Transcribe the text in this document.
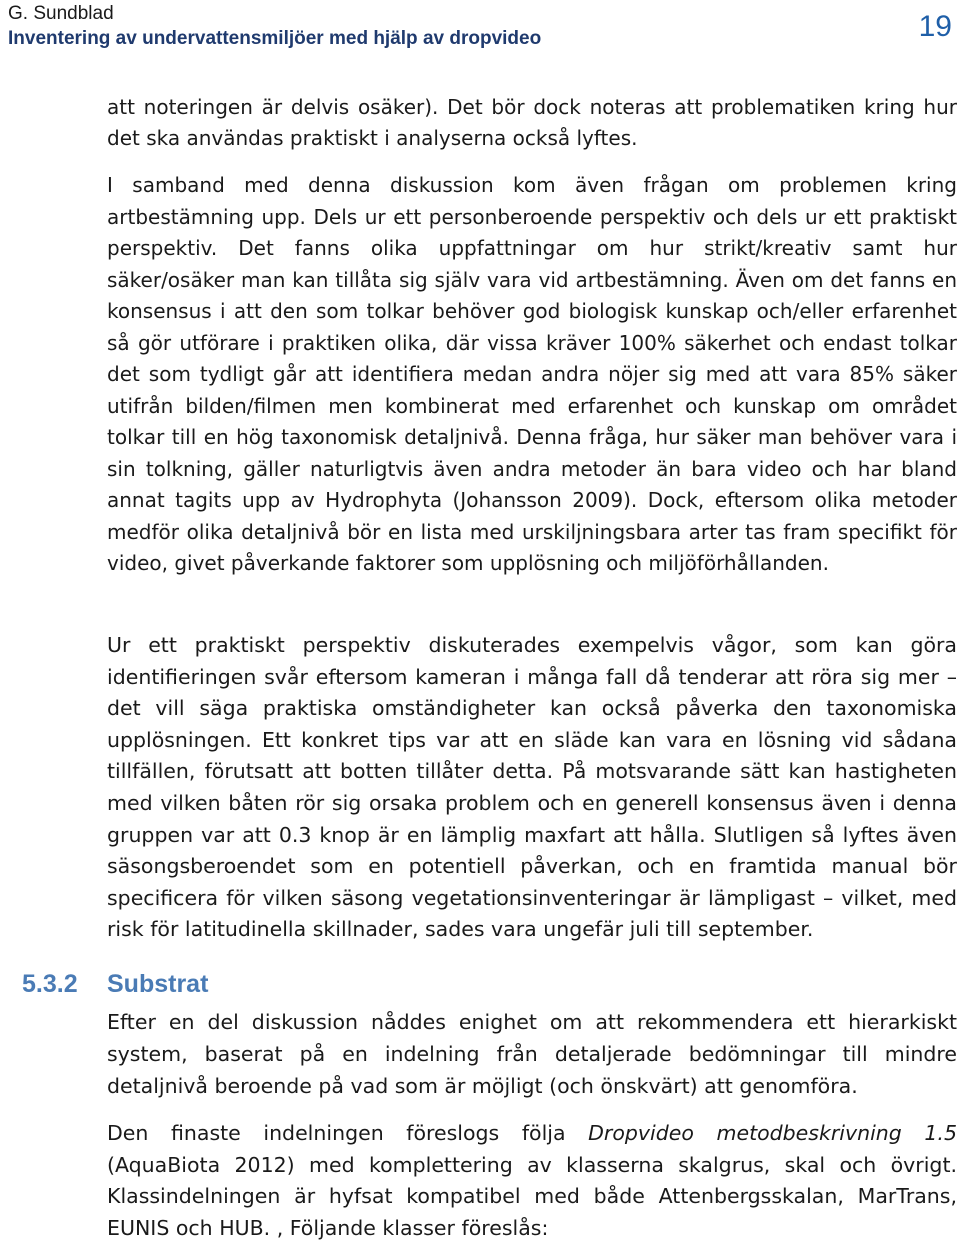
G. Sundblad
Inventering av undervattensmiljöer med hjälp av dropvideo	19

att noteringen är delvis osäker). Det bör dock noteras att problematiken kring hur det ska användas praktiskt i analyserna också lyftes.

I samband med denna diskussion kom även frågan om problemen kring artbestämning upp. Dels ur ett personberoende perspektiv och dels ur ett praktiskt perspektiv. Det fanns olika uppfattningar om hur strikt/kreativ samt hur säker/osäker man kan tillåta sig själv vara vid artbestämning. Även om det fanns en konsensus i att den som tolkar behöver god biologisk kunskap och/eller erfarenhet så gör utförare i praktiken olika, där vissa kräver 100% säkerhet och endast tolkar det som tydligt går att identifiera medan andra nöjer sig med att vara 85% säker utifrån bilden/filmen men kombinerat med erfarenhet och kunskap om området tolkar till en hög taxonomisk detaljnivå. Denna fråga, hur säker man behöver vara i sin tolkning, gäller naturligtvis även andra metoder än bara video och har bland annat tagits upp av Hydrophyta (Johansson 2009). Dock, eftersom olika metoder medför olika detaljnivå bör en lista med urskiljningsbara arter tas fram specifikt för video, givet påverkande faktorer som upplösning och miljöförhållanden.

Ur ett praktiskt perspektiv diskuterades exempelvis vågor, som kan göra identifieringen svår eftersom kameran i många fall då tenderar att röra sig mer – det vill säga praktiska omständigheter kan också påverka den taxonomiska upplösningen. Ett konkret tips var att en släde kan vara en lösning vid sådana tillfällen, förutsatt att botten tillåter detta. På motsvarande sätt kan hastigheten med vilken båten rör sig orsaka problem och en generell konsensus även i denna gruppen var att 0.3 knop är en lämplig maxfart att hålla. Slutligen så lyftes även säsongsberoendet som en potentiell påverkan, och en framtida manual bör specificera för vilken säsong vegetationsinventeringar är lämpligast – vilket, med risk för latitudinella skillnader, sades vara ungefär juli till september.

5.3.2 Substrat

Efter en del diskussion nåddes enighet om att rekommendera ett hierarkiskt system, baserat på en indelning från detaljerade bedömningar till mindre detaljnivå beroende på vad som är möjligt (och önskvärt) att genomföra.

Den finaste indelningen föreslogs följa Dropvideo metodbeskrivning 1.5 (AquaBiota 2012) med komplettering av klasserna skalgrus, skal och övrigt. Klassindelningen är hyfsat kompatibel med både Attenbergsskalan, MarTrans, EUNIS och HUB. , Följande klasser föreslås:
